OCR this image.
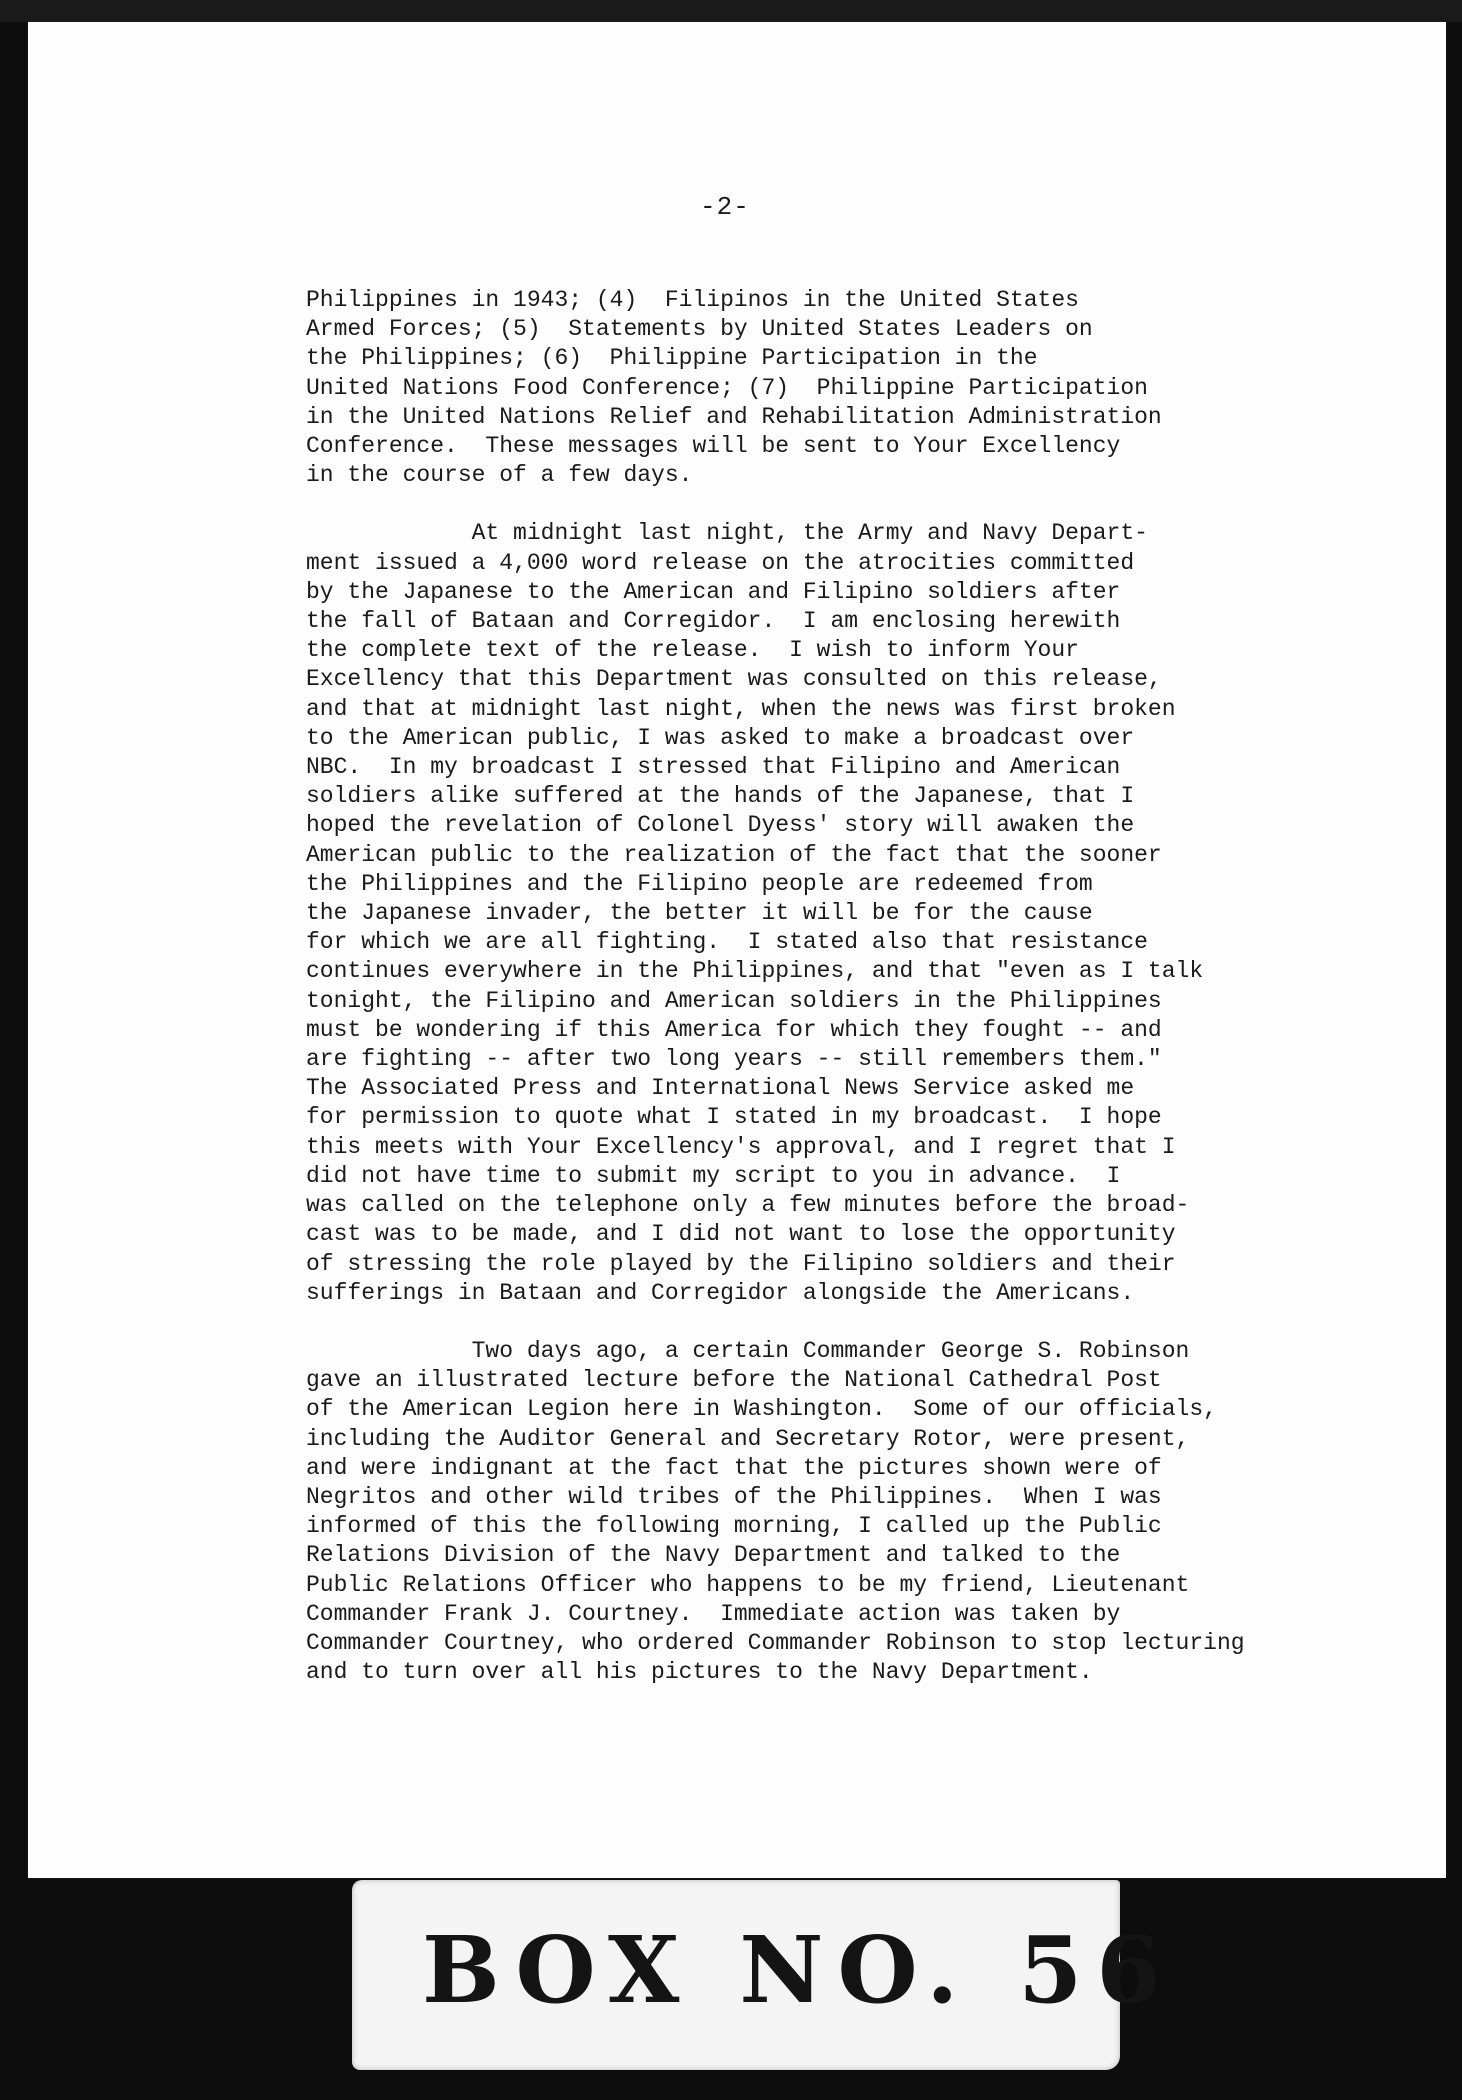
-2-
Philippines in 1943; (4)  Filipinos in the United States
Armed Forces; (5)  Statements by United States Leaders on
the Philippines; (6)  Philippine Participation in the
United Nations Food Conference; (7)  Philippine Participation
in the United Nations Relief and Rehabilitation Administration
Conference.  These messages will be sent to Your Excellency
in the course of a few days.
At midnight last night, the Army and Navy Depart-
ment issued a 4,000 word release on the atrocities committed
by the Japanese to the American and Filipino soldiers after
the fall of Bataan and Corregidor.  I am enclosing herewith
the complete text of the release.  I wish to inform Your
Excellency that this Department was consulted on this release,
and that at midnight last night, when the news was first broken
to the American public, I was asked to make a broadcast over
NBC.  In my broadcast I stressed that Filipino and American
soldiers alike suffered at the hands of the Japanese, that I
hoped the revelation of Colonel Dyess' story will awaken the
American public to the realization of the fact that the sooner
the Philippines and the Filipino people are redeemed from
the Japanese invader, the better it will be for the cause
for which we are all fighting.  I stated also that resistance
continues everywhere in the Philippines, and that "even as I talk
tonight, the Filipino and American soldiers in the Philippines
must be wondering if this America for which they fought -- and
are fighting -- after two long years -- still remembers them."
The Associated Press and International News Service asked me
for permission to quote what I stated in my broadcast.  I hope
this meets with Your Excellency's approval, and I regret that I
did not have time to submit my script to you in advance.  I
was called on the telephone only a few minutes before the broad-
cast was to be made, and I did not want to lose the opportunity
of stressing the role played by the Filipino soldiers and their
sufferings in Bataan and Corregidor alongside the Americans.
Two days ago, a certain Commander George S. Robinson
gave an illustrated lecture before the National Cathedral Post
of the American Legion here in Washington.  Some of our officials,
including the Auditor General and Secretary Rotor, were present,
and were indignant at the fact that the pictures shown were of
Negritos and other wild tribes of the Philippines.  When I was
informed of this the following morning, I called up the Public
Relations Division of the Navy Department and talked to the
Public Relations Officer who happens to be my friend, Lieutenant
Commander Frank J. Courtney.  Immediate action was taken by
Commander Courtney, who ordered Commander Robinson to stop lecturing
and to turn over all his pictures to the Navy Department.
BOX NO. 56
